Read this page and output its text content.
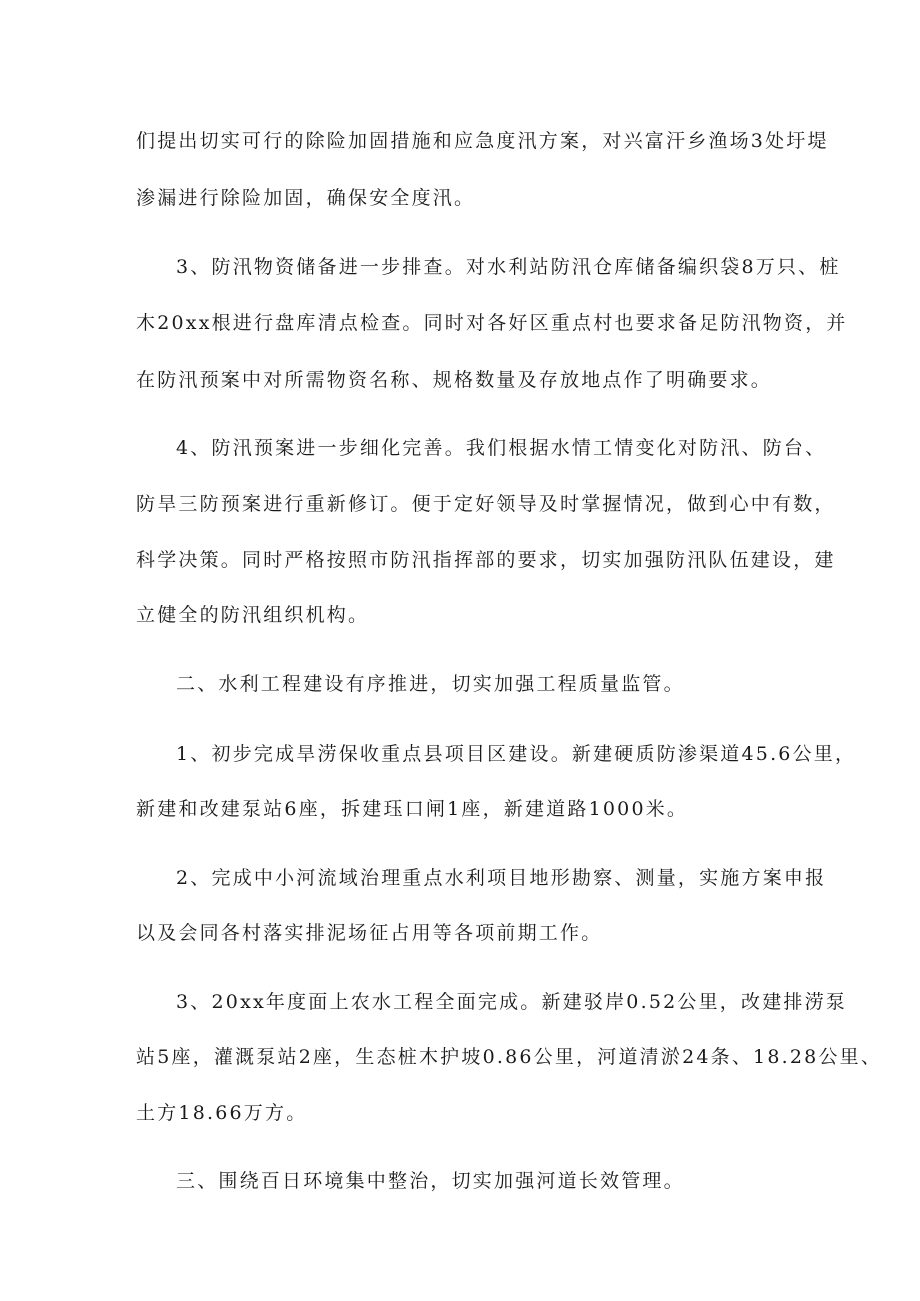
们提出切实可行的除险加固措施和应急度汛方案，对兴富汗乡渔场3处圩堤

渗漏进行除险加固，确保安全度汛。

3、防汛物资储备进一步排查。对水利站防汛仓库储备编织袋8万只、桩

木20xx根进行盘库清点检查。同时对各好区重点村也要求备足防汛物资，并

在防汛预案中对所需物资名称、规格数量及存放地点作了明确要求。

4、防汛预案进一步细化完善。我们根据水情工情变化对防汛、防台、

防旱三防预案进行重新修订。便于定好领导及时掌握情况，做到心中有数，

科学决策。同时严格按照市防汛指挥部的要求，切实加强防汛队伍建设，建

立健全的防汛组织机构。

二、水利工程建设有序推进，切实加强工程质量监管。

1、初步完成旱涝保收重点县项目区建设。新建硬质防渗渠道45.6公里，

新建和改建泵站6座，拆建珏口闸1座，新建道路1000米。

2、完成中小河流域治理重点水利项目地形勘察、测量，实施方案申报

以及会同各村落实排泥场征占用等各项前期工作。

3、20xx年度面上农水工程全面完成。新建驳岸0.52公里，改建排涝泵

站5座，灌溉泵站2座，生态桩木护坡0.86公里，河道清淤24条、18.28公里、

土方18.66万方。

三、围绕百日环境集中整治，切实加强河道长效管理。
